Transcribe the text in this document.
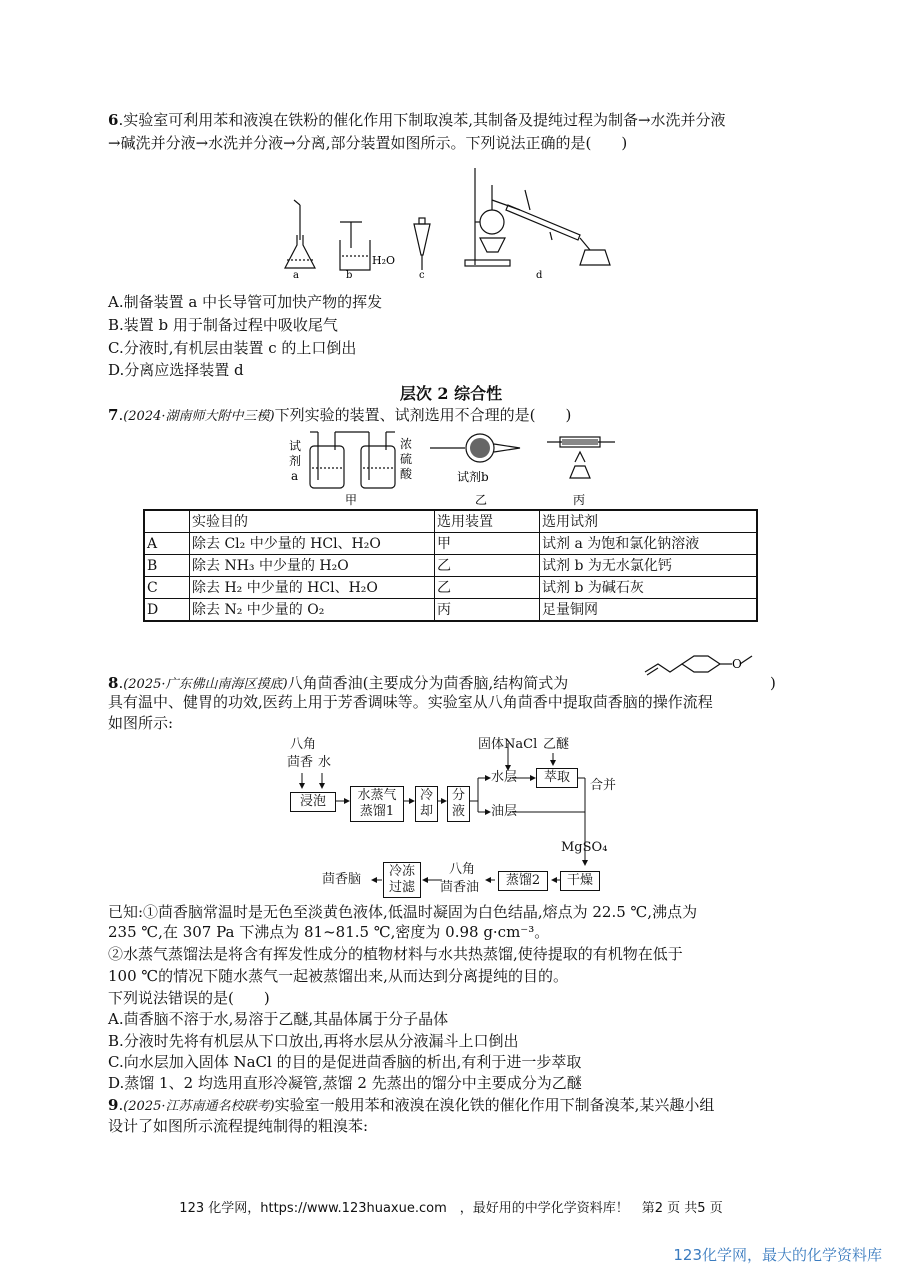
6.实验室可利用苯和液溴在铁粉的催化作用下制取溴苯,其制备及提纯过程为制备→水洗并分液
→碱洗并分液→水洗并分液→分离,部分装置如图所示。下列说法正确的是(　　)
a	b	c	d
H₂O
A.制备装置 a 中长导管可加快产物的挥发
B.装置 b 用于制备过程中吸收尾气
C.分液时,有机层由装置 c 的上口倒出
D.分离应选择装置 d
层次 2 综合性
7.(2024·湖南师大附中三模)下列实验的装置、试剂选用不合理的是(　　)
试
剂
a
浓
硫
酸	试剂b
甲	乙	丙
	实验目的	选用装置	选用试剂
A	除去 Cl₂ 中少量的 HCl、H₂O	甲	试剂 a 为饱和氯化钠溶液
B	除去 NH₃ 中少量的 H₂O	乙	试剂 b 为无水氯化钙
C	除去 H₂ 中少量的 HCl、H₂O	乙	试剂 b 为碱石灰
D	除去 N₂ 中少量的 O₂	丙	足量铜网
8.(2025·广东佛山南海区摸底)八角茴香油(主要成分为茴香脑,结构简式为
O
)
具有温中、健胃的功效,医药上用于芳香调味等。实验室从八角茴香中提取茴香脑的操作流程
如图所示:
八角
茴香 水
浸泡	水蒸气
蒸馏1
冷
却
分
液
水层
油层
固体NaCl 乙醚
萃取
合并
MgSO₄
干燥
蒸馏2
八角
茴香油
冷冻
过滤
茴香脑
已知:①茴香脑常温时是无色至淡黄色液体,低温时凝固为白色结晶,熔点为 22.5 ℃,沸点为
235 ℃,在 307 Pa 下沸点为 81~81.5 ℃,密度为 0.98 g·cm⁻³。
②水蒸气蒸馏法是将含有挥发性成分的植物材料与水共热蒸馏,使待提取的有机物在低于
100 ℃的情况下随水蒸气一起被蒸馏出来,从而达到分离提纯的目的。
下列说法错误的是(　　)
A.茴香脑不溶于水,易溶于乙醚,其晶体属于分子晶体
B.分液时先将有机层从下口放出,再将水层从分液漏斗上口倒出
C.向水层加入固体 NaCl 的目的是促进茴香脑的析出,有利于进一步萃取
D.蒸馏 1、2 均选用直形冷凝管,蒸馏 2 先蒸出的馏分中主要成分为乙醚
9.(2025·江苏南通名校联考)实验室一般用苯和液溴在溴化铁的催化作用下制备溴苯,某兴趣小组
设计了如图所示流程提纯制得的粗溴苯:
123 化学网，https://www.123huaxue.com　，最好用的中学化学资料库！　第2 页 共5 页
123化学网，最大的化学资料库
